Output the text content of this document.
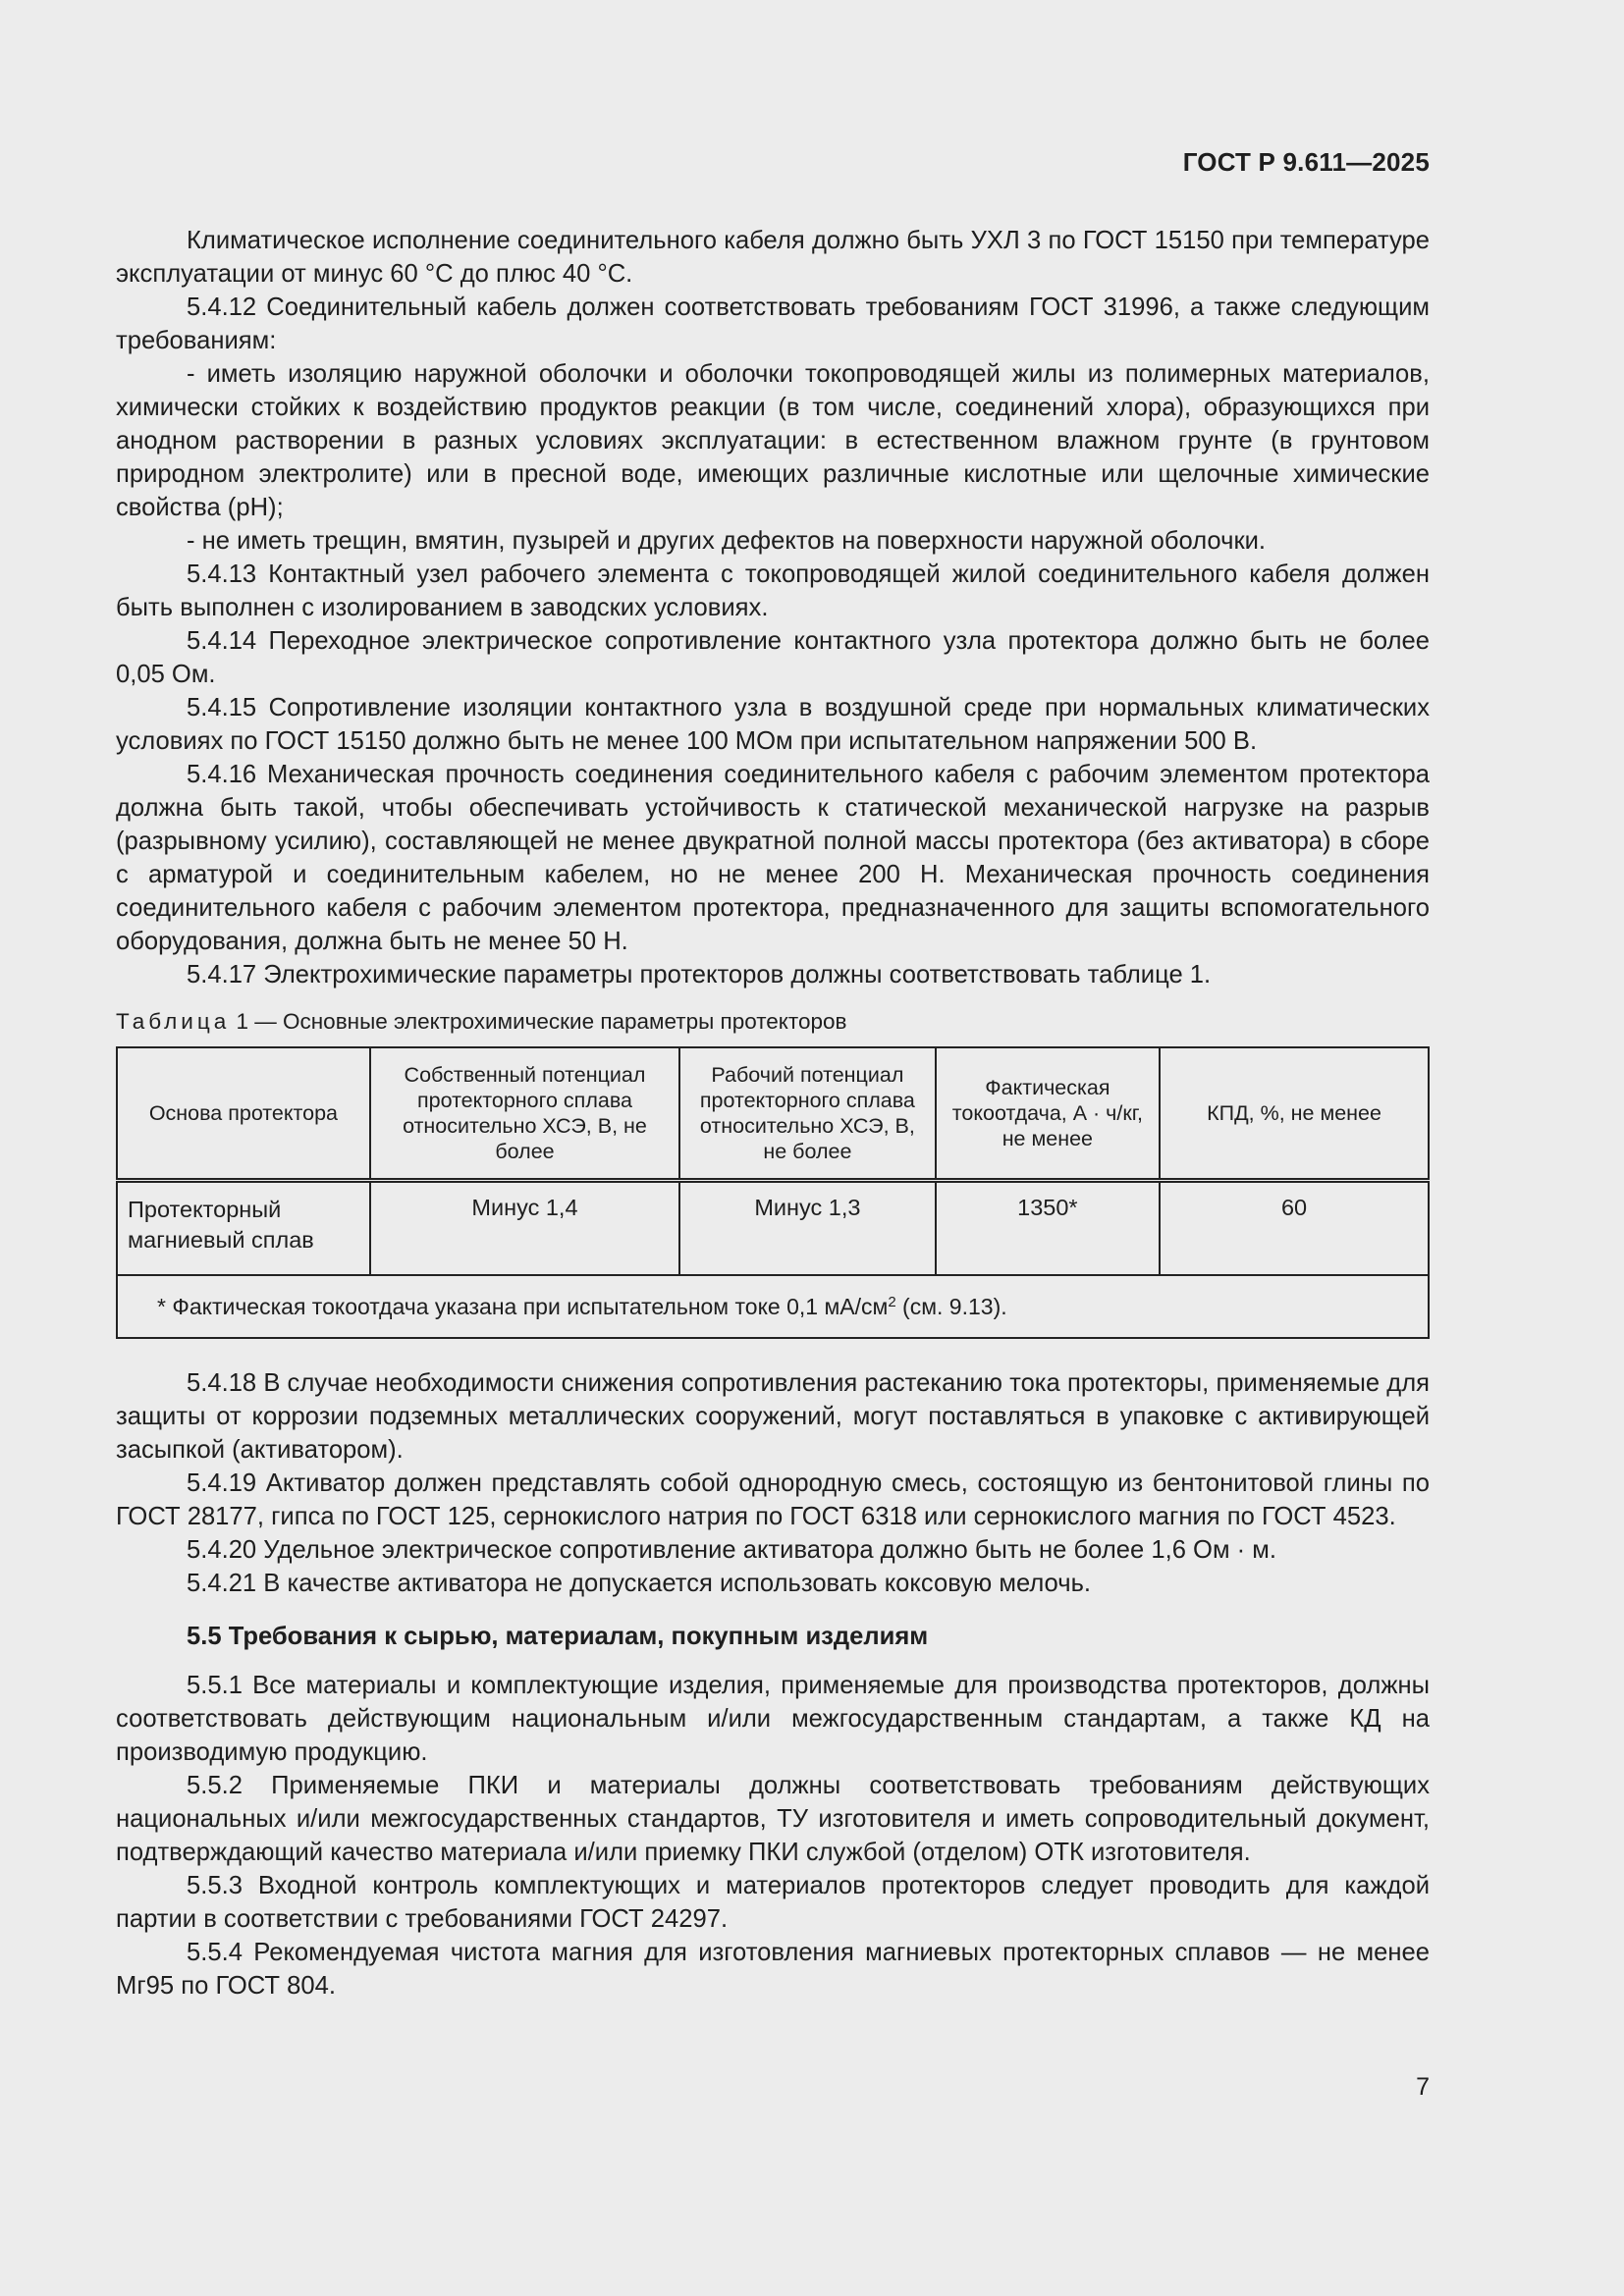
ГОСТ Р 9.611—2025

Климатическое исполнение соединительного кабеля должно быть УХЛ 3 по ГОСТ 15150 при температуре эксплуатации от минус 60 °С до плюс 40 °С.

5.4.12 Соединительный кабель должен соответствовать требованиям ГОСТ 31996, а также следующим требованиям:

- иметь изоляцию наружной оболочки и оболочки токопроводящей жилы из полимерных материалов, химически стойких к воздействию продуктов реакции (в том числе, соединений хлора), образующихся при анодном растворении в разных условиях эксплуатации: в естественном влажном грунте (в грунтовом природном электролите) или в пресной воде, имеющих различные кислотные или щелочные химические свойства (pH);

- не иметь трещин, вмятин, пузырей и других дефектов на поверхности наружной оболочки.

5.4.13 Контактный узел рабочего элемента с токопроводящей жилой соединительного кабеля должен быть выполнен с изолированием в заводских условиях.

5.4.14 Переходное электрическое сопротивление контактного узла протектора должно быть не более 0,05 Ом.

5.4.15 Сопротивление изоляции контактного узла в воздушной среде при нормальных климатических условиях по ГОСТ 15150 должно быть не менее 100 МОм при испытательном напряжении 500 В.

5.4.16 Механическая прочность соединения соединительного кабеля с рабочим элементом протектора должна быть такой, чтобы обеспечивать устойчивость к статической механической нагрузке на разрыв (разрывному усилию), составляющей не менее двукратной полной массы протектора (без активатора) в сборе с арматурой и соединительным кабелем, но не менее 200 Н. Механическая прочность соединения соединительного кабеля с рабочим элементом протектора, предназначенного для защиты вспомогательного оборудования, должна быть не менее 50 Н.

5.4.17 Электрохимические параметры протекторов должны соответствовать таблице 1.

Таблица 1 — Основные электрохимические параметры протекторов
Основа протектора	Собственный потенциал протекторного сплава относительно ХСЭ, В, не более	Рабочий потенциал протекторного сплава относительно ХСЭ, В, не более	Фактическая токоотдача, А · ч/кг, не менее	КПД, %, не менее
Протекторный магниевый сплав	Минус 1,4	Минус 1,3	1350*	60
* Фактическая токоотдача указана при испытательном токе 0,1 $мА/см^2$ (см. 9.13).				

5.4.18 В случае необходимости снижения сопротивления растеканию тока протекторы, применяемые для защиты от коррозии подземных металлических сооружений, могут поставляться в упаковке с активирующей засыпкой (активатором).

5.4.19 Активатор должен представлять собой однородную смесь, состоящую из бентонитовой глины по ГОСТ 28177, гипса по ГОСТ 125, сернокислого натрия по ГОСТ 6318 или сернокислого магния по ГОСТ 4523.

5.4.20 Удельное электрическое сопротивление активатора должно быть не более 1,6 Ом · м.

5.4.21 В качестве активатора не допускается использовать коксовую мелочь.

5.5 Требования к сырью, материалам, покупным изделиям

5.5.1 Все материалы и комплектующие изделия, применяемые для производства протекторов, должны соответствовать действующим национальным и/или межгосударственным стандартам, а также КД на производимую продукцию.

5.5.2 Применяемые ПКИ и материалы должны соответствовать требованиям действующих национальных и/или межгосударственных стандартов, ТУ изготовителя и иметь сопроводительный документ, подтверждающий качество материала и/или приемку ПКИ службой (отделом) ОТК изготовителя.

5.5.3 Входной контроль комплектующих и материалов протекторов следует проводить для каждой партии в соответствии с требованиями ГОСТ 24297.

5.5.4 Рекомендуемая чистота магния для изготовления магниевых протекторных сплавов — не менее Мг95 по ГОСТ 804.

7
